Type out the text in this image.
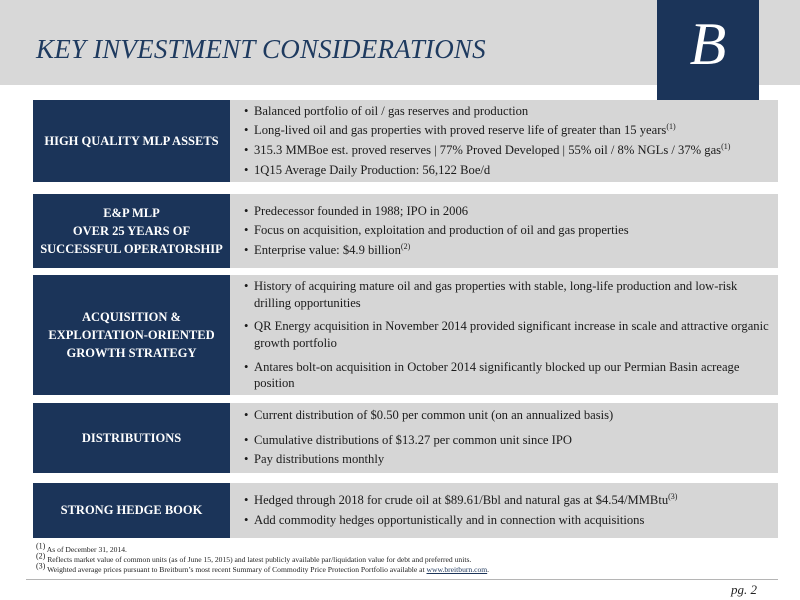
KEY INVESTMENT CONSIDERATIONS	B
HIGH QUALITY MLP ASSETS
• Balanced portfolio of oil / gas reserves and production
• Long-lived oil and gas properties with proved reserve life of greater than 15 years$^{(1)}$
• 315.3 MMBoe est. proved reserves | 77% Proved Developed | 55% oil / 8% NGLs / 37% gas$^{(1)}$
• 1Q15 Average Daily Production: 56,122 Boe/d
E&P MLP
OVER 25 YEARS OF
SUCCESSFUL OPERATORSHIP
• Predecessor founded in 1988; IPO in 2006
• Focus on acquisition, exploitation and production of oil and gas properties
• Enterprise value: $4.9 billion$^{(2)}$
ACQUISITION &
EXPLOITATION-ORIENTED
GROWTH STRATEGY
• History of acquiring mature oil and gas properties with stable, long-life production and low-risk drilling opportunities
• QR Energy acquisition in November 2014 provided significant increase in scale and attractive organic growth portfolio
• Antares bolt-on acquisition in October 2014 significantly blocked up our Permian Basin acreage position
DISTRIBUTIONS
• Current distribution of $0.50 per common unit (on an annualized basis)
• Cumulative distributions of $13.27 per common unit since IPO
• Pay distributions monthly
STRONG HEDGE BOOK
• Hedged through 2018 for crude oil at $89.61/Bbl and natural gas at $4.54/MMBtu$^{(3)}$
• Add commodity hedges opportunistically and in connection with acquisitions
$^{(1)}$ As of December 31, 2014.
$^{(2)}$ Reflects market value of common units (as of June 15, 2015) and latest publicly available par/liquidation value for debt and preferred units.
$^{(3)}$ Weighted average prices pursuant to Breitburn’s most recent Summary of Commodity Price Protection Portfolio available at www.breitburn.com.
pg. 2
